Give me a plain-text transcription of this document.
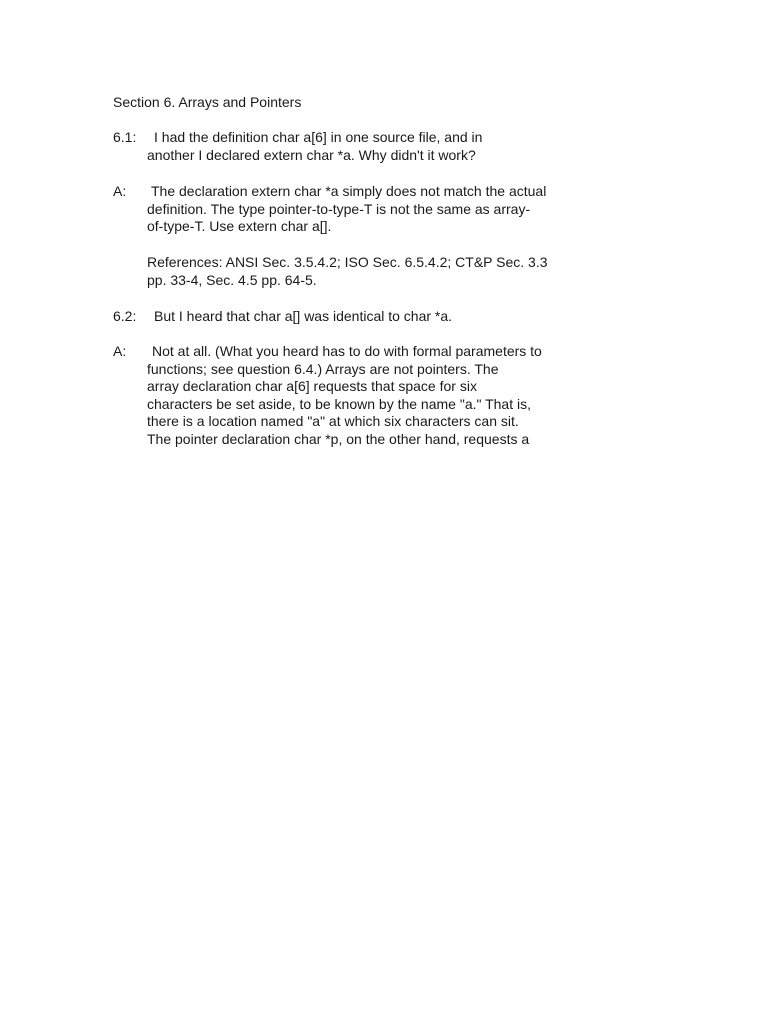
Section 6. Arrays and Pointers
6.1:	I had the definition char a[6] in one source file, and in
another I declared extern char *a. Why didn't it work?
A:	The declaration extern char *a simply does not match the actual
definition. The type pointer-to-type-T is not the same as array-
of-type-T. Use extern char a[].
References: ANSI Sec. 3.5.4.2; ISO Sec. 6.5.4.2; CT&P Sec. 3.3
pp. 33-4, Sec. 4.5 pp. 64-5.
6.2:	But I heard that char a[] was identical to char *a.
A:	Not at all. (What you heard has to do with formal parameters to
functions; see question 6.4.) Arrays are not pointers. The
array declaration char a[6] requests that space for six
characters be set aside, to be known by the name "a." That is,
there is a location named "a" at which six characters can sit.
The pointer declaration char *p, on the other hand, requests a
